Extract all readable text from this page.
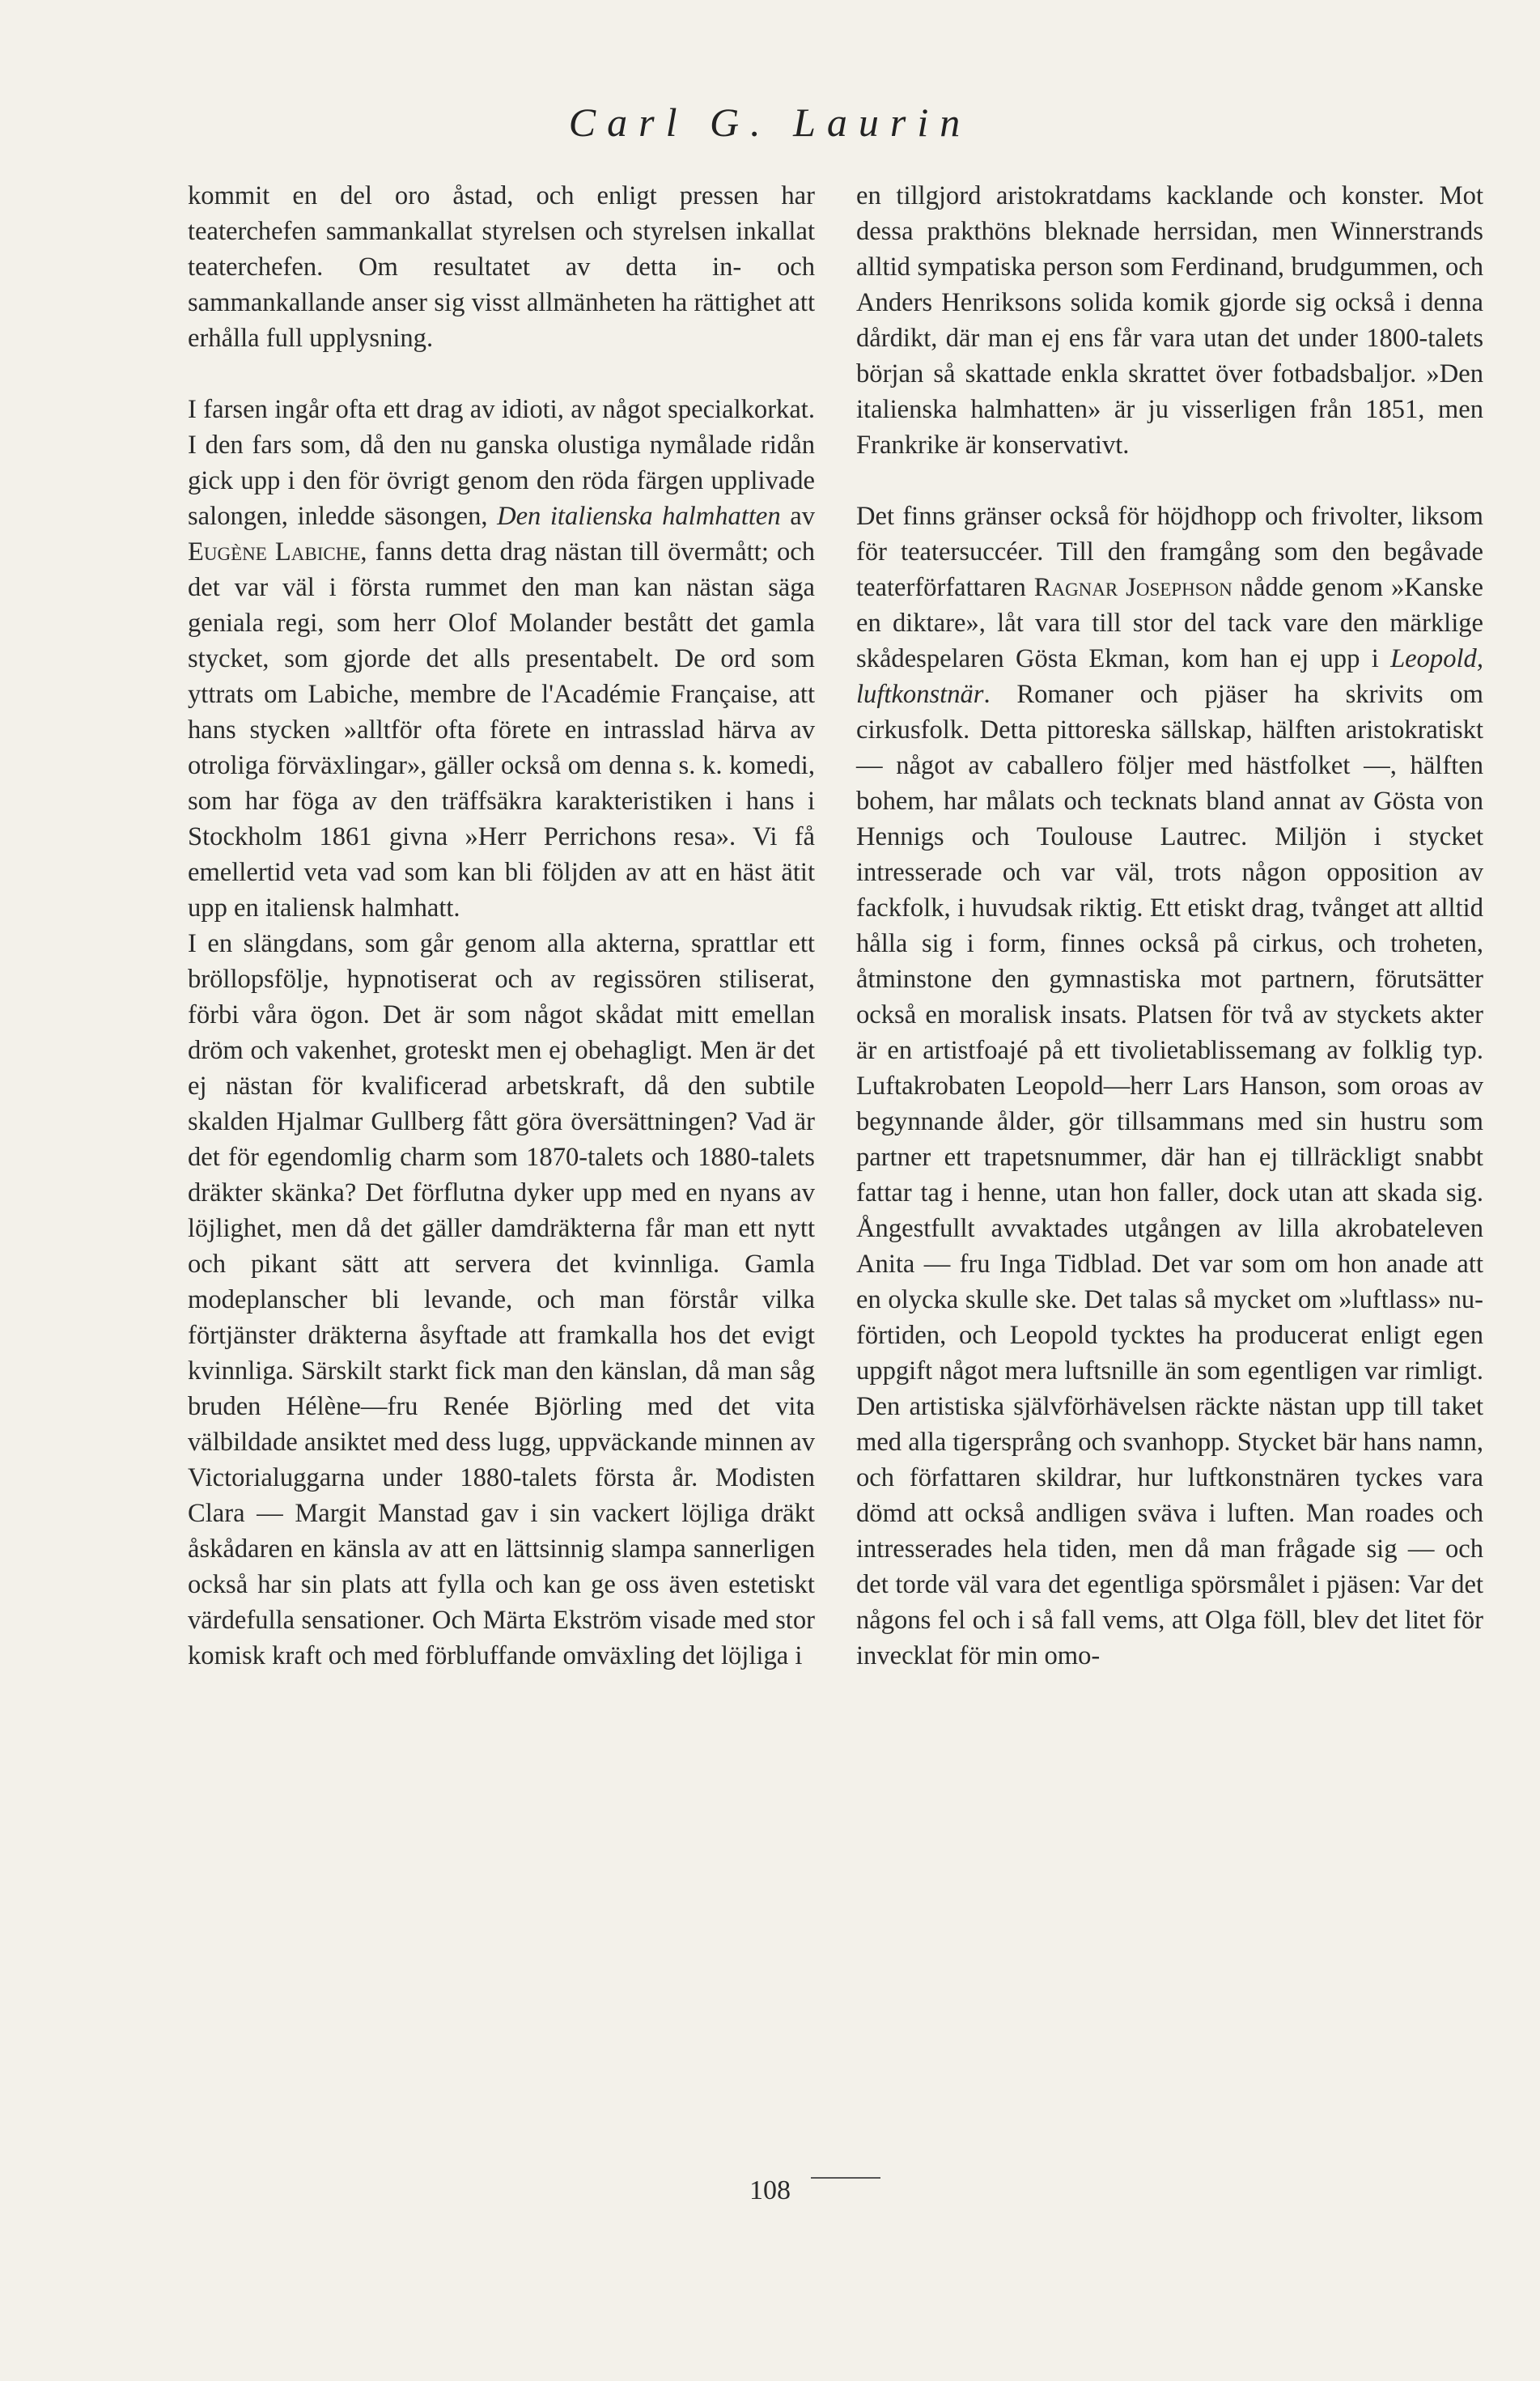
Carl G. Laurin

kommit en del oro åstad, och enligt pressen har teaterchefen sammankallat styrelsen och styrelsen inkallat teaterchefen. Om resultatet av detta in- och sammankallande anser sig visst allmänheten ha rättighet att erhålla full upplysning.

I farsen ingår ofta ett drag av idioti, av något specialkorkat. I den fars som, då den nu ganska olustiga nymålade ridån gick upp i den för övrigt genom den röda färgen upplivade salongen, inledde säsongen, Den italienska halmhatten av Eugène Labiche, fanns detta drag nästan till övermått; och det var väl i första rummet den man kan nästan säga geniala regi, som herr Olof Molander bestått det gamla stycket, som gjorde det alls presentabelt. De ord som yttrats om Labiche, membre de l'Académie Française, att hans stycken »alltför ofta förete en intrasslad härva av otroliga förväxlingar», gäller också om denna s. k. komedi, som har föga av den träffsäkra karakteristiken i hans i Stockholm 1861 givna »Herr Perrichons resa». Vi få emellertid veta vad som kan bli följden av att en häst ätit upp en italiensk halmhatt.

I en slängdans, som går genom alla akterna, sprattlar ett bröllopsfölje, hypnotiserat och av regissören stiliserat, förbi våra ögon. Det är som något skådat mitt emellan dröm och vakenhet, groteskt men ej obehagligt. Men är det ej nästan för kvalificerad arbetskraft, då den subtile skalden Hjalmar Gullberg fått göra översättningen? Vad är det för egendomlig charm som 1870-talets och 1880-talets dräkter skänka? Det förflutna dyker upp med en nyans av löjlighet, men då det gäller damdräkterna får man ett nytt och pikant sätt att servera det kvinnliga. Gamla modeplanscher bli levande, och man förstår vilka förtjänster dräkterna åsyftade att framkalla hos det evigt kvinnliga. Särskilt starkt fick man den känslan, då man såg bruden Hélène—fru Renée Björling med det vita välbildade ansiktet med dess lugg, uppväckande minnen av Victorialuggarna under 1880-talets första år. Modisten Clara — Margit Manstad gav i sin vackert löjliga dräkt åskådaren en känsla av att en lättsinnig slampa sannerligen också har sin plats att fylla och kan ge oss även estetiskt värdefulla sensationer. Och Märta Ekström visade med stor komisk kraft och med förbluffande omväxling det löjliga i

en tillgjord aristokratdams kacklande och konster. Mot dessa prakthöns bleknade herrsidan, men Winnerstrands alltid sympatiska person som Ferdinand, brudgummen, och Anders Henriksons solida komik gjorde sig också i denna dårdikt, där man ej ens får vara utan det under 1800-talets början så skattade enkla skrattet över fotbadsbaljor. »Den italienska halmhatten» är ju visserligen från 1851, men Frankrike är konservativt.

Det finns gränser också för höjdhopp och frivolter, liksom för teatersuccéer. Till den framgång som den begåvade teaterförfattaren Ragnar Josephson nådde genom »Kanske en diktare», låt vara till stor del tack vare den märklige skådespelaren Gösta Ekman, kom han ej upp i Leopold, luftkonstnär. Romaner och pjäser ha skrivits om cirkusfolk. Detta pittoreska sällskap, hälften aristokratiskt — något av caballero följer med hästfolket —, hälften bohem, har målats och tecknats bland annat av Gösta von Hennigs och Toulouse Lautrec. Miljön i stycket intresserade och var väl, trots någon opposition av fackfolk, i huvudsak riktig. Ett etiskt drag, tvånget att alltid hålla sig i form, finnes också på cirkus, och troheten, åtminstone den gymnastiska mot partnern, förutsätter också en moralisk insats. Platsen för två av styckets akter är en artistfoajé på ett tivolietablissemang av folklig typ. Luftakrobaten Leopold—herr Lars Hanson, som oroas av begynnande ålder, gör tillsammans med sin hustru som partner ett trapetsnummer, där han ej tillräckligt snabbt fattar tag i henne, utan hon faller, dock utan att skada sig. Ångestfullt avvaktades utgången av lilla akrobateleven Anita — fru Inga Tidblad. Det var som om hon anade att en olycka skulle ske. Det talas så mycket om »luftlass» nu-förtiden, och Leopold tycktes ha producerat enligt egen uppgift något mera luftsnille än som egentligen var rimligt. Den artistiska självförhävelsen räckte nästan upp till taket med alla tigersprång och svanhopp. Stycket bär hans namn, och författaren skildrar, hur luftkonstnären tyckes vara dömd att också andligen sväva i luften. Man roades och intresserades hela tiden, men då man frågade sig — och det torde väl vara det egentliga spörsmålet i pjäsen: Var det någons fel och i så fall vems, att Olga föll, blev det litet för invecklat för min omo-

108
